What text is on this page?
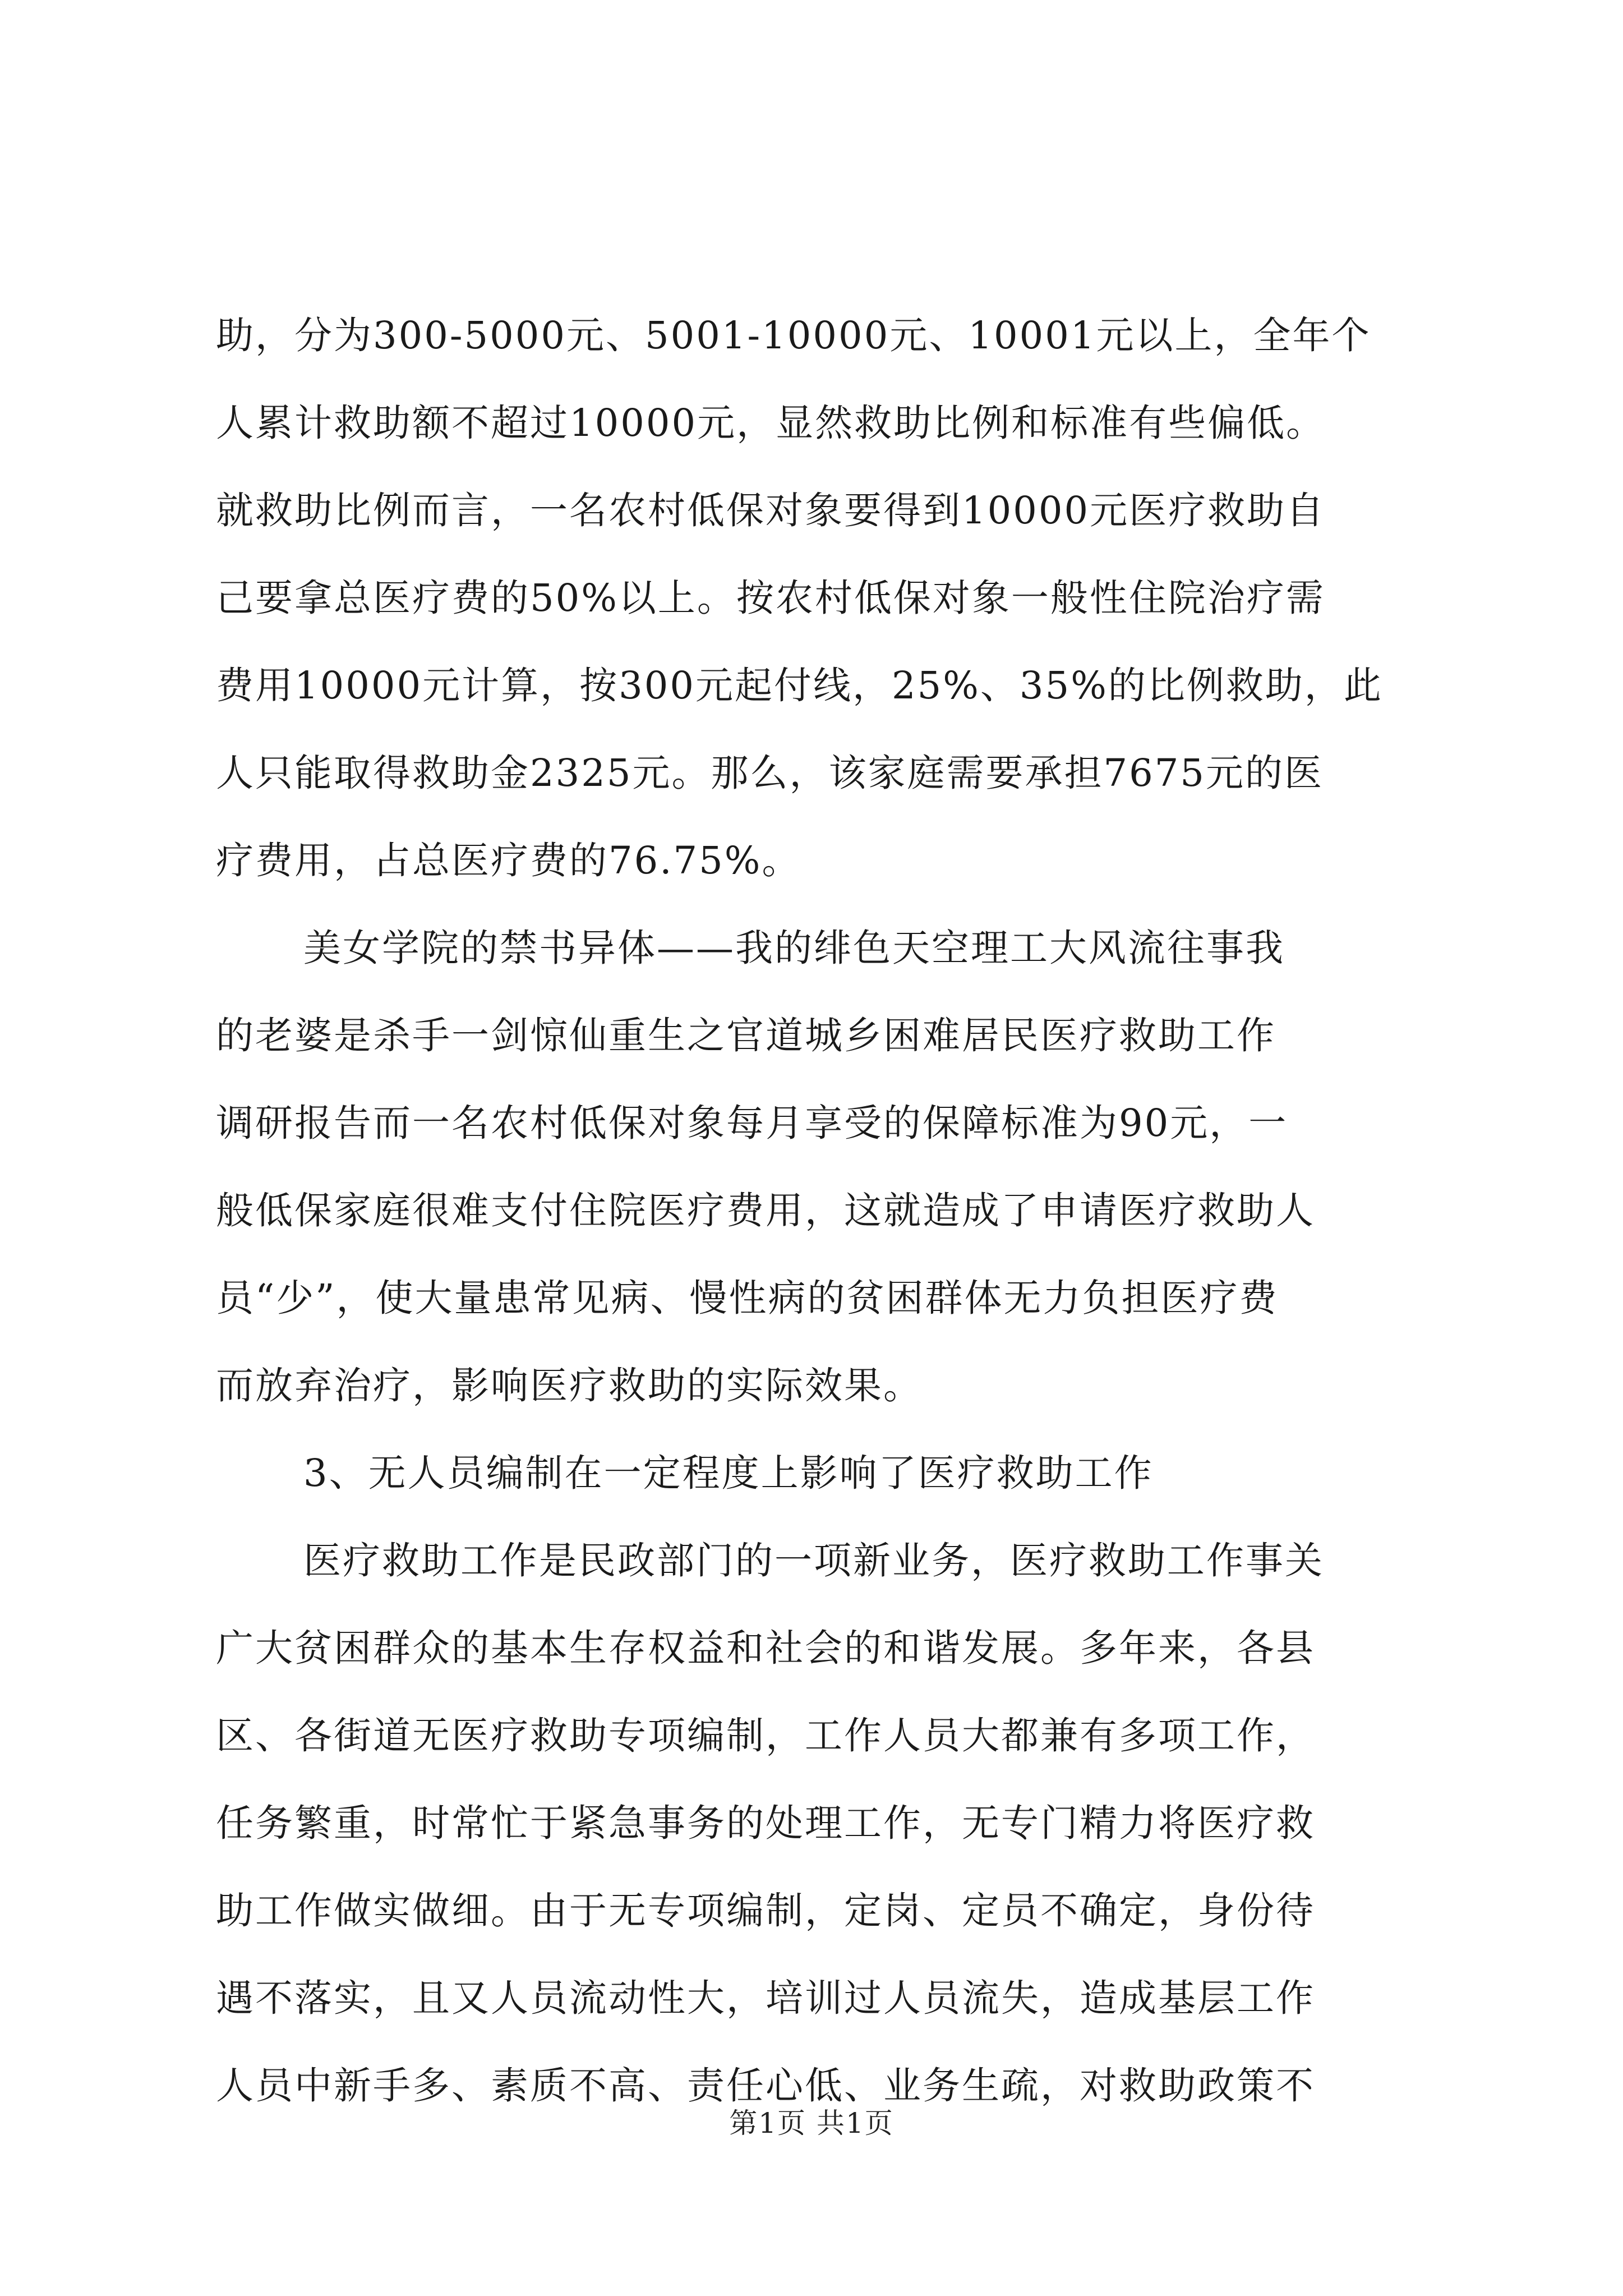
助，分为300-5000元、5001-10000元、10001元以上，全年个
人累计救助额不超过10000元，显然救助比例和标准有些偏低。
就救助比例而言，一名农村低保对象要得到10000元医疗救助自
己要拿总医疗费的50%以上。按农村低保对象一般性住院治疗需
费用10000元计算，按300元起付线，25%、35%的比例救助，此
人只能取得救助金2325元。那么，该家庭需要承担7675元的医
疗费用，占总医疗费的76.75%。
美女学院的禁书异体——我的绯色天空理工大风流往事我
的老婆是杀手一剑惊仙重生之官道城乡困难居民医疗救助工作
调研报告而一名农村低保对象每月享受的保障标准为90元，一
般低保家庭很难支付住院医疗费用，这就造成了申请医疗救助人
员“少”，使大量患常见病、慢性病的贫困群体无力负担医疗费
而放弃治疗，影响医疗救助的实际效果。
3、无人员编制在一定程度上影响了医疗救助工作
医疗救助工作是民政部门的一项新业务，医疗救助工作事关
广大贫困群众的基本生存权益和社会的和谐发展。多年来，各县
区、各街道无医疗救助专项编制，工作人员大都兼有多项工作，
任务繁重，时常忙于紧急事务的处理工作，无专门精力将医疗救
助工作做实做细。由于无专项编制，定岗、定员不确定，身份待
遇不落实，且又人员流动性大，培训过人员流失，造成基层工作
人员中新手多、素质不高、责任心低、业务生疏，对救助政策不
第1页 共1页
